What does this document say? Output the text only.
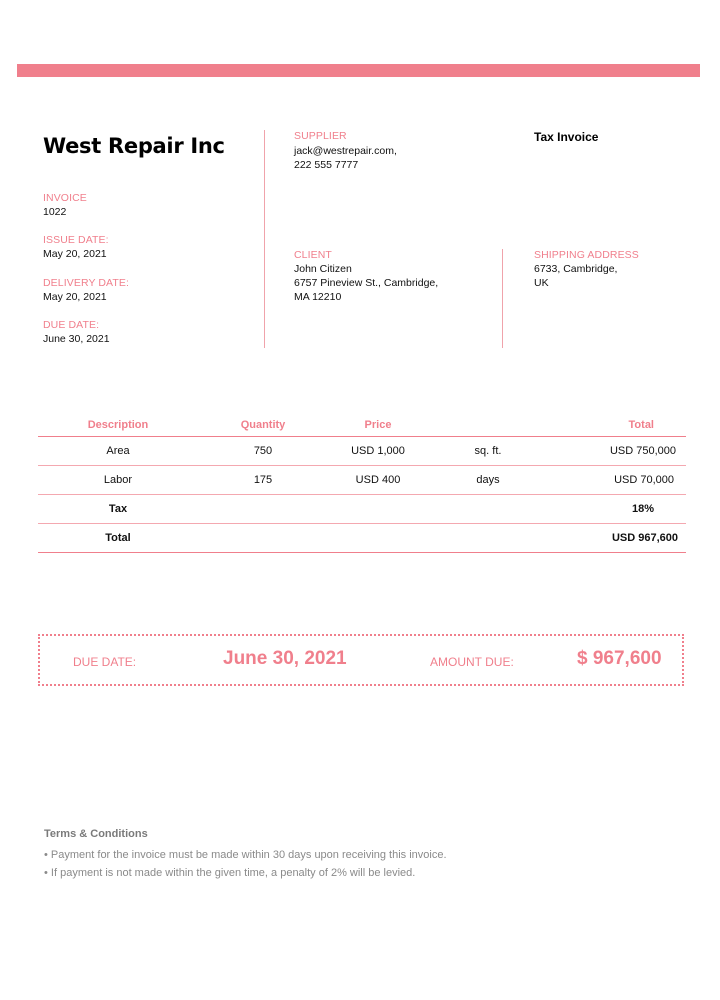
West Repair Inc
INVOICE
1022
ISSUE DATE:
May 20, 2021
DELIVERY DATE:
May 20, 2021
DUE DATE:
June 30, 2021
SUPPLIER
jack@westrepair.com,
222 555 7777
Tax Invoice
CLIENT
John Citizen
6757 Pineview St., Cambridge,
MA 12210
SHIPPING ADDRESS
6733, Cambridge,
UK
Description	Quantity	Price		Total
Area	750	USD 1,000	sq. ft.	USD 750,000
Labor	175	USD 400	days	USD 70,000
Tax				18%
Total				USD 967,600
DUE DATE:	June 30, 2021	AMOUNT DUE:	$ 967,600
Terms & Conditions
• Payment for the invoice must be made within 30 days upon receiving this invoice.
• If payment is not made within the given time, a penalty of 2% will be levied.
